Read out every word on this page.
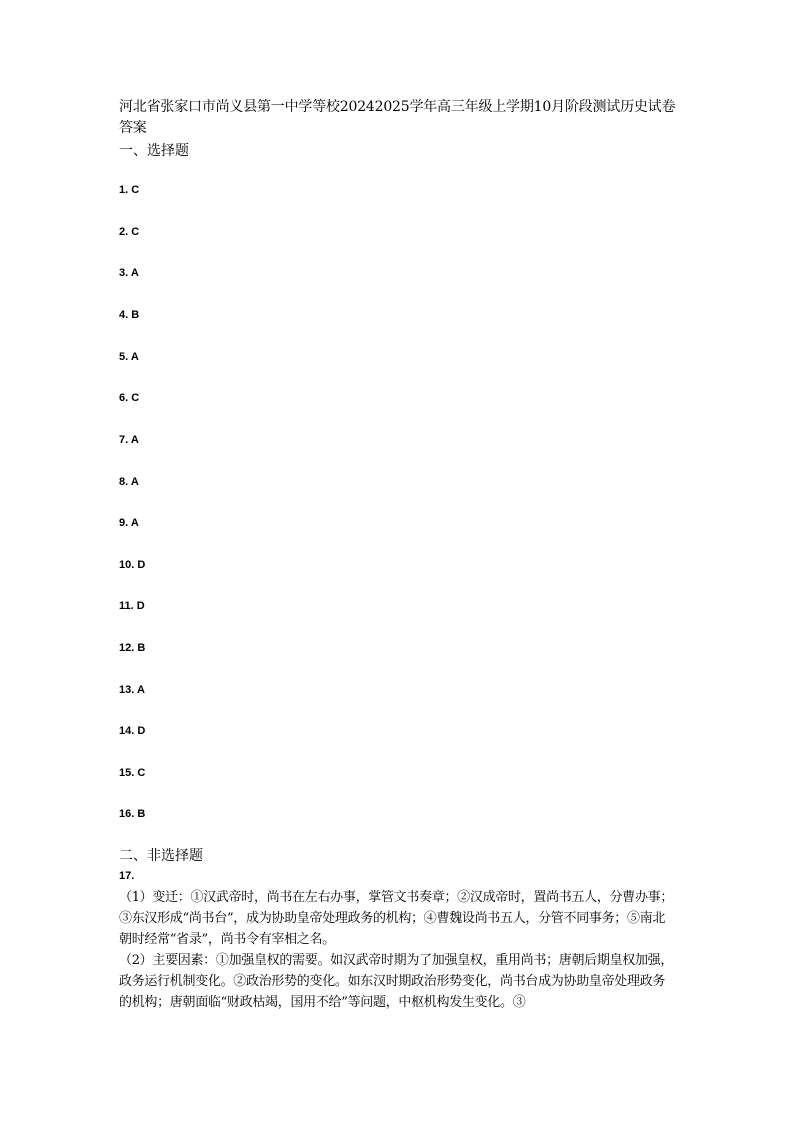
河北省张家口市尚义县第一中学等校20242025学年高三年级上学期10月阶段测试历史试卷答案
一、选择题
1. C
2. C
3. A
4. B
5. A
6. C
7. A
8. A
9. A
10. D
11. D
12. B
13. A
14. D
15. C
16. B
二、非选择题
17.
（1）变迁：①汉武帝时，尚书在左右办事，掌管文书奏章；②汉成帝时，置尚书五人，分曹办事；③东汉形成“尚书台”，成为协助皇帝处理政务的机构；④曹魏设尚书五人，分管不同事务；⑤南北朝时经常“省录”，尚书令有宰相之名。
（2）主要因素：①加强皇权的需要。如汉武帝时期为了加强皇权，重用尚书；唐朝后期皇权加强，政务运行机制变化。②政治形势的变化。如东汉时期政治形势变化，尚书台成为协助皇帝处理政务的机构；唐朝面临“财政枯竭，国用不给”等问题，中枢机构发生变化。③
